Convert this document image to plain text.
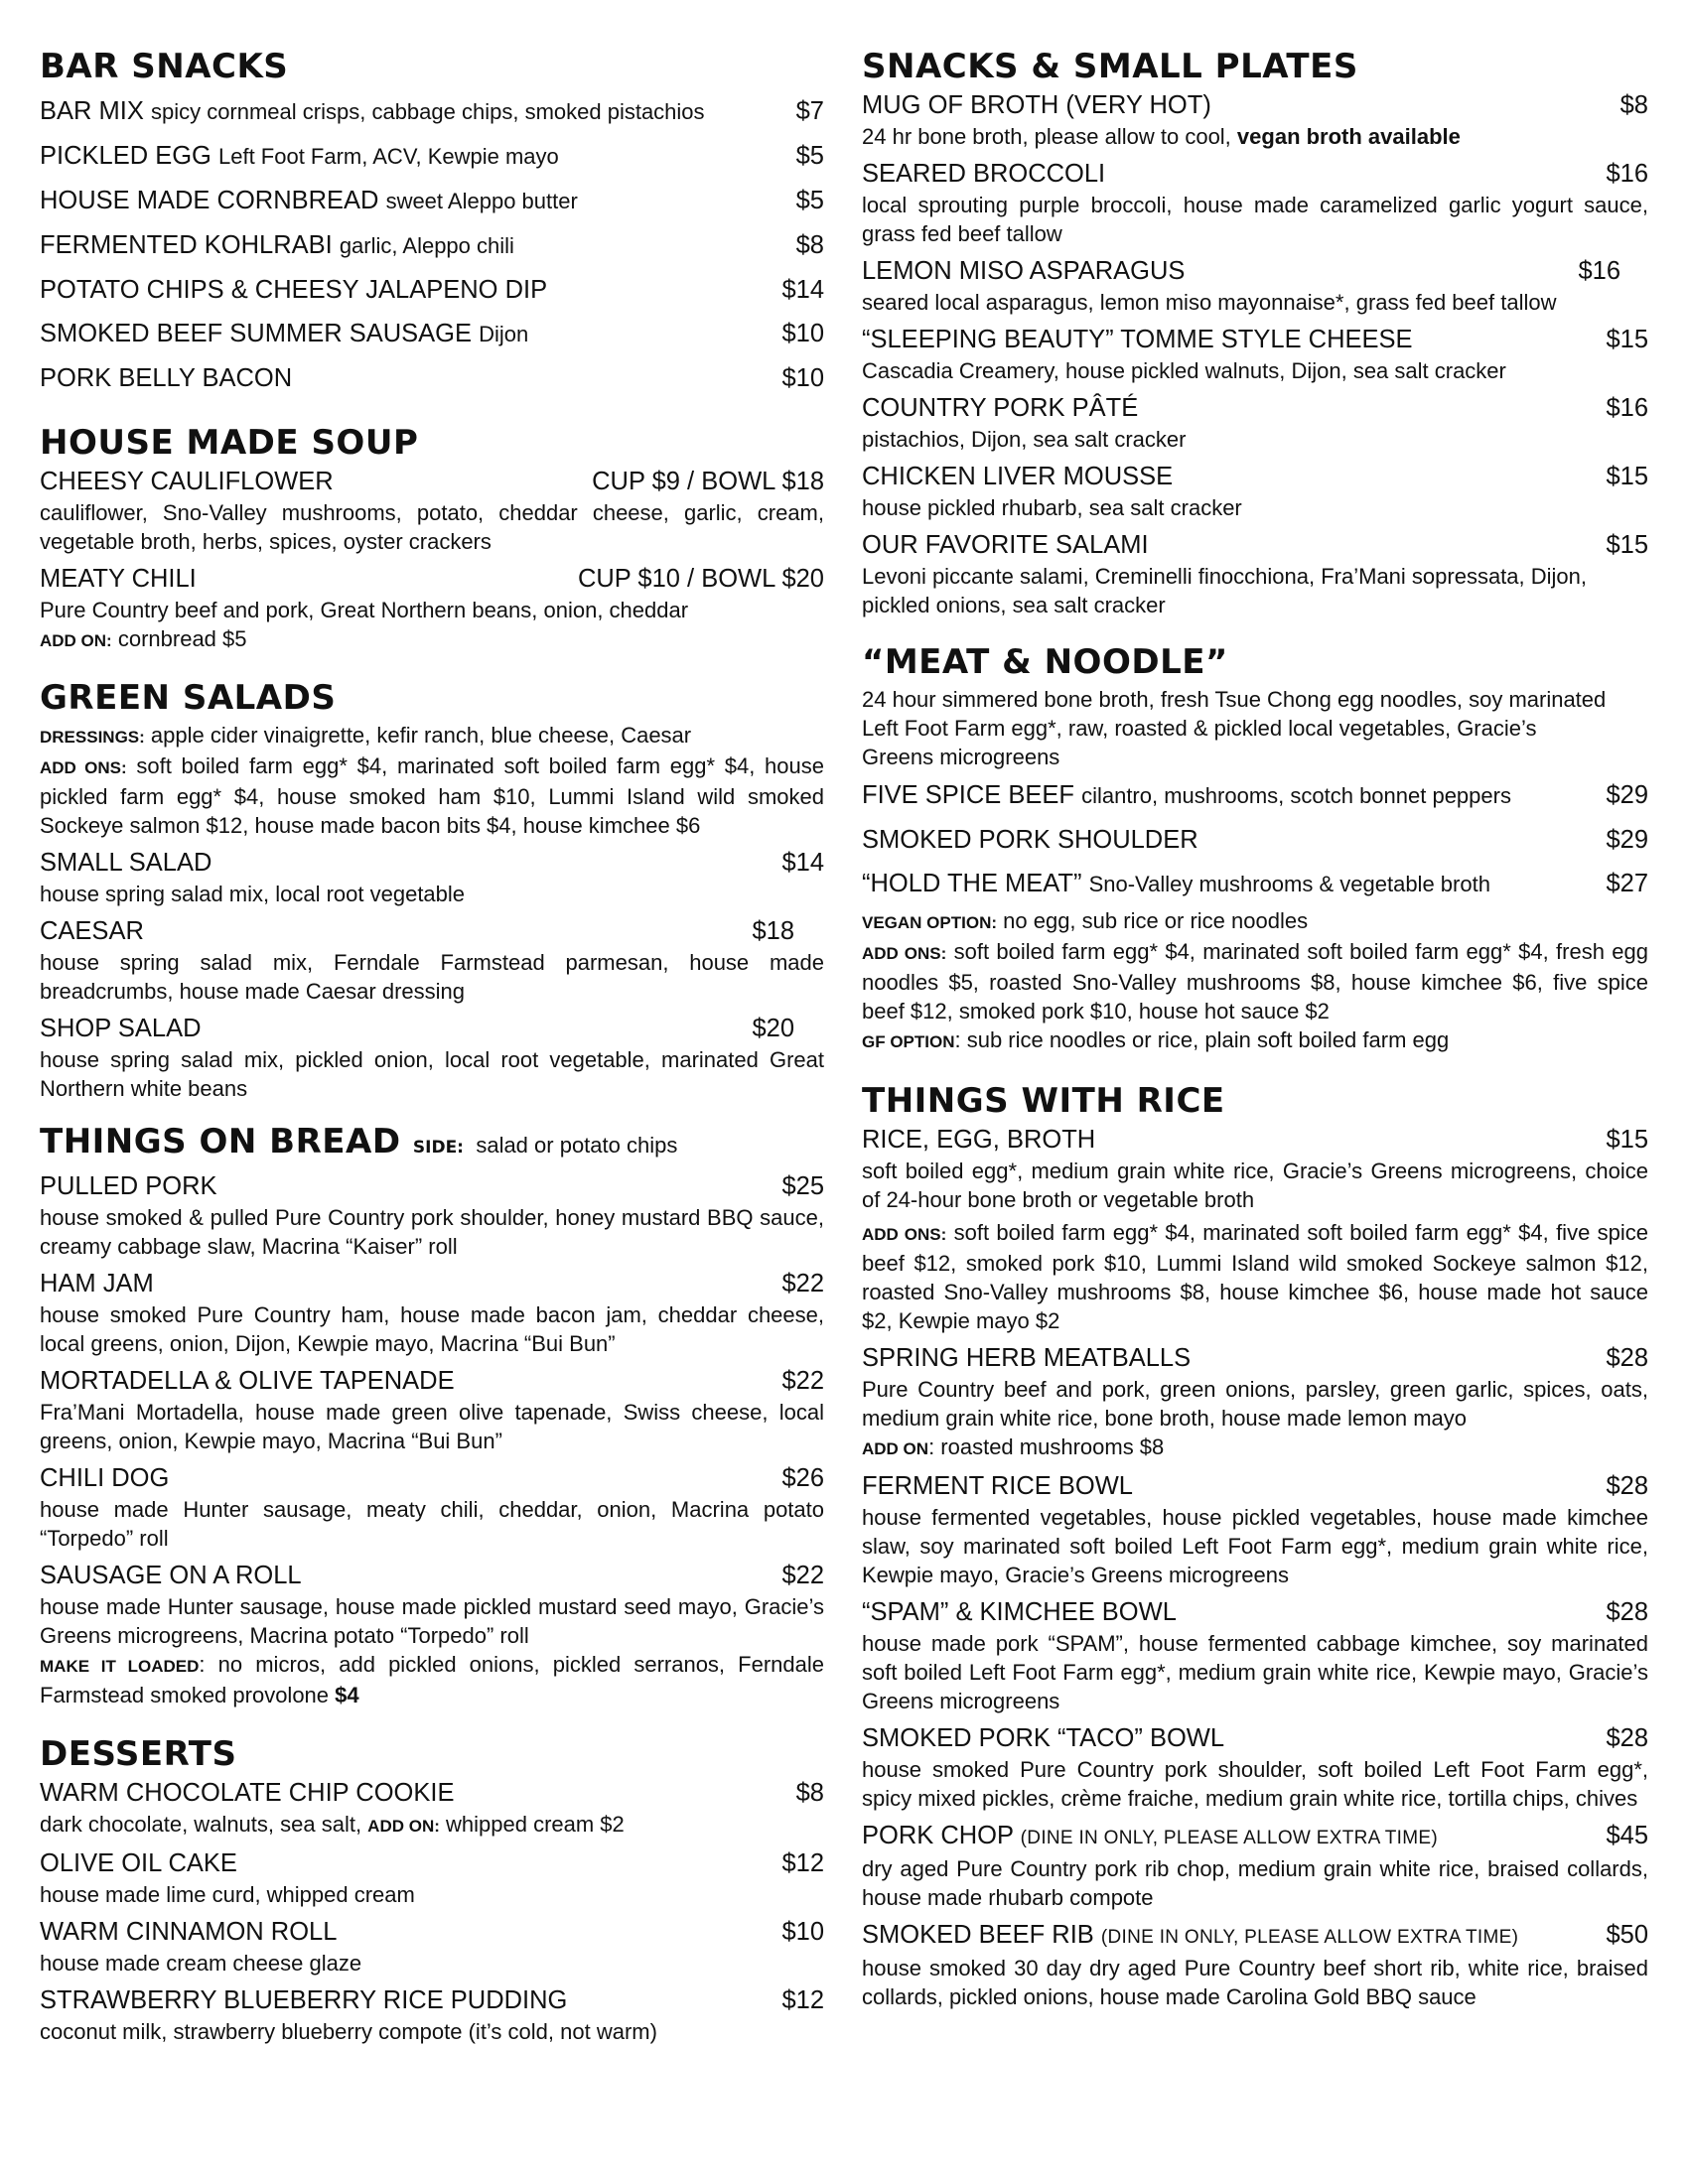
BAR SNACKS
BAR MIX spicy cornmeal crisps, cabbage chips, smoked pistachios	$7
PICKLED EGG Left Foot Farm, ACV, Kewpie mayo	$5
HOUSE MADE CORNBREAD sweet Aleppo butter	$5
FERMENTED KOHLRABI garlic, Aleppo chili	$8
POTATO CHIPS & CHEESY JALAPENO DIP	$14
SMOKED BEEF SUMMER SAUSAGE Dijon	$10
PORK BELLY BACON	$10
HOUSE MADE SOUP
CHEESY CAULIFLOWER	CUP $9 / BOWL $18
cauliflower, Sno-Valley mushrooms, potato, cheddar cheese, garlic, cream, vegetable broth, herbs, spices, oyster crackers
MEATY CHILI	CUP $10 / BOWL $20
Pure Country beef and pork, Great Northern beans, onion, cheddar
ADD ON: cornbread $5
GREEN SALADS
DRESSINGS: apple cider vinaigrette, kefir ranch, blue cheese, Caesar
ADD ONS: soft boiled farm egg* $4, marinated soft boiled farm egg* $4, house pickled farm egg* $4, house smoked ham $10, Lummi Island wild smoked Sockeye salmon $12, house made bacon bits $4, house kimchee $6
SMALL SALAD	$14
house spring salad mix, local root vegetable
CAESAR	$18
house spring salad mix, Ferndale Farmstead parmesan, house made breadcrumbs, house made Caesar dressing
SHOP SALAD	$20
house spring salad mix, pickled onion, local root vegetable, marinated Great Northern white beans
THINGS ON BREAD SIDE: salad or potato chips
PULLED PORK	$25
house smoked & pulled Pure Country pork shoulder, honey mustard BBQ sauce, creamy cabbage slaw, Macrina “Kaiser” roll
HAM JAM	$22
house smoked Pure Country ham, house made bacon jam, cheddar cheese, local greens, onion, Dijon, Kewpie mayo, Macrina “Bui Bun”
MORTADELLA & OLIVE TAPENADE	$22
Fra’Mani Mortadella, house made green olive tapenade, Swiss cheese, local greens, onion, Kewpie mayo, Macrina “Bui Bun”
CHILI DOG	$26
house made Hunter sausage, meaty chili, cheddar, onion, Macrina potato “Torpedo” roll
SAUSAGE ON A ROLL	$22
house made Hunter sausage, house made pickled mustard seed mayo, Gracie’s Greens microgreens, Macrina potato “Torpedo” roll
MAKE IT LOADED: no micros, add pickled onions, pickled serranos, Ferndale Farmstead smoked provolone $4
DESSERTS
WARM CHOCOLATE CHIP COOKIE	$8
dark chocolate, walnuts, sea salt, ADD ON: whipped cream $2
OLIVE OIL CAKE	$12
house made lime curd, whipped cream
WARM CINNAMON ROLL	$10
house made cream cheese glaze
STRAWBERRY BLUEBERRY RICE PUDDING	$12
coconut milk, strawberry blueberry compote (it’s cold, not warm)
SNACKS & SMALL PLATES
MUG OF BROTH (VERY HOT)	$8
24 hr bone broth, please allow to cool, vegan broth available
SEARED BROCCOLI	$16
local sprouting purple broccoli, house made caramelized garlic yogurt sauce, grass fed beef tallow
LEMON MISO ASPARAGUS	$16
seared local asparagus, lemon miso mayonnaise*, grass fed beef tallow
“SLEEPING BEAUTY” TOMME STYLE CHEESE	$15
Cascadia Creamery, house pickled walnuts, Dijon, sea salt cracker
COUNTRY PORK PÂTÉ	$16
pistachios, Dijon, sea salt cracker
CHICKEN LIVER MOUSSE	$15
house pickled rhubarb, sea salt cracker
OUR FAVORITE SALAMI	$15
Levoni piccante salami, Creminelli finocchiona, Fra’Mani sopressata, Dijon, pickled onions, sea salt cracker
“MEAT & NOODLE”
24 hour simmered bone broth, fresh Tsue Chong egg noodles, soy marinated Left Foot Farm egg*, raw, roasted & pickled local vegetables, Gracie’s Greens microgreens
FIVE SPICE BEEF cilantro, mushrooms, scotch bonnet peppers	$29
SMOKED PORK SHOULDER	$29
“HOLD THE MEAT” Sno-Valley mushrooms & vegetable broth	$27
VEGAN OPTION: no egg, sub rice or rice noodles
ADD ONS: soft boiled farm egg* $4, marinated soft boiled farm egg* $4, fresh egg noodles $5, roasted Sno-Valley mushrooms $8, house kimchee $6, five spice beef $12, smoked pork $10, house hot sauce $2
GF OPTION: sub rice noodles or rice, plain soft boiled farm egg
THINGS WITH RICE
RICE, EGG, BROTH	$15
soft boiled egg*, medium grain white rice, Gracie’s Greens microgreens, choice of 24-hour bone broth or vegetable broth
ADD ONS: soft boiled farm egg* $4, marinated soft boiled farm egg* $4, five spice beef $12, smoked pork $10, Lummi Island wild smoked Sockeye salmon $12, roasted Sno-Valley mushrooms $8, house kimchee $6, house made hot sauce $2, Kewpie mayo $2
SPRING HERB MEATBALLS	$28
Pure Country beef and pork, green onions, parsley, green garlic, spices, oats, medium grain white rice, bone broth, house made lemon mayo
ADD ON: roasted mushrooms $8
FERMENT RICE BOWL	$28
house fermented vegetables, house pickled vegetables, house made kimchee slaw, soy marinated soft boiled Left Foot Farm egg*, medium grain white rice, Kewpie mayo, Gracie’s Greens microgreens
“SPAM” & KIMCHEE BOWL	$28
house made pork “SPAM”, house fermented cabbage kimchee, soy marinated soft boiled Left Foot Farm egg*, medium grain white rice, Kewpie mayo, Gracie’s Greens microgreens
SMOKED PORK “TACO” BOWL	$28
house smoked Pure Country pork shoulder, soft boiled Left Foot Farm egg*, spicy mixed pickles, crème fraiche, medium grain white rice, tortilla chips, chives
PORK CHOP (DINE IN ONLY, PLEASE ALLOW EXTRA TIME)	$45
dry aged Pure Country pork rib chop, medium grain white rice, braised collards, house made rhubarb compote
SMOKED BEEF RIB (DINE IN ONLY, PLEASE ALLOW EXTRA TIME)	$50
house smoked 30 day dry aged Pure Country beef short rib, white rice, braised collards, pickled onions, house made Carolina Gold BBQ sauce
